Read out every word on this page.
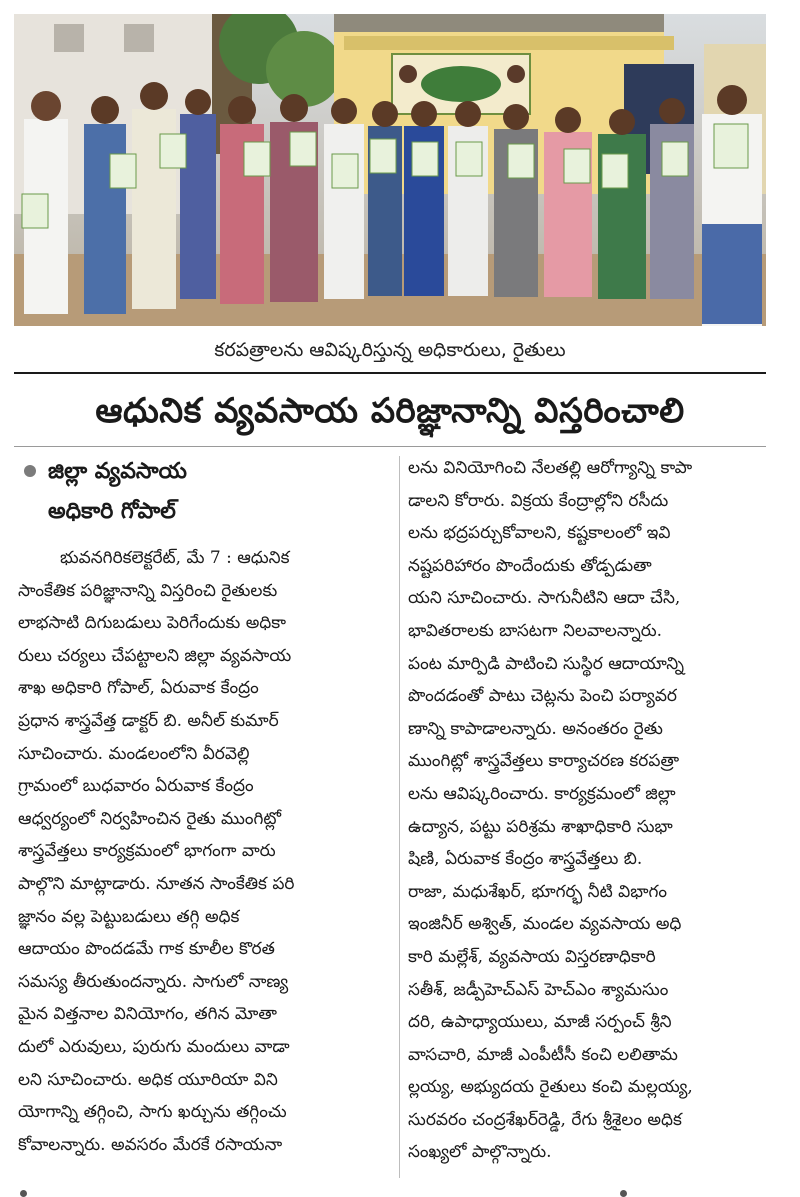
కరపత్రాలను ఆవిష్కరిస్తున్న అధికారులు, రైతులు
ఆధునిక వ్యవసాయ పరిజ్ఞానాన్ని విస్తరించాలి
జిల్లా వ్యవసాయ
అధికారి గోపాల్
భువనగిరికలెక్టరేట్, మే 7 : ఆధునిక
సాంకేతిక పరిజ్ఞానాన్ని విస్తరించి రైతులకు
లాభసాటి దిగుబడులు పెరిగేందుకు అధికా
రులు చర్యలు చేపట్టాలని జిల్లా వ్యవసాయ
శాఖ అధికారి గోపాల్, ఏరువాక కేంద్రం
ప్రధాన శాస్త్రవేత్త డాక్టర్ బి. అనీల్ కుమార్
సూచించారు. మండలంలోని వీరవెల్లి
గ్రామంలో బుధవారం ఏరువాక కేంద్రం
ఆధ్వర్యంలో నిర్వహించిన రైతు ముంగిట్లో
శాస్త్రవేత్తలు కార్యక్రమంలో భాగంగా వారు
పాల్గొని మాట్లాడారు. నూతన సాంకేతిక పరి
జ్ఞానం వల్ల పెట్టుబడులు తగ్గి అధిక
ఆదాయం పొందడమే గాక కూలీల కొరత
సమస్య తీరుతుందన్నారు. సాగులో నాణ్య
మైన విత్తనాల వినియోగం, తగిన మోతా
దులో ఎరువులు, పురుగు మందులు వాడా
లని సూచించారు. అధిక యూరియా విని
యోగాన్ని తగ్గించి, సాగు ఖర్చును తగ్గించు
కోవాలన్నారు. అవసరం మేరకే రసాయనా
లను వినియోగించి నేలతల్లి ఆరోగ్యాన్ని కాపా
డాలని కోరారు. విక్రయ కేంద్రాల్లోని రసీదు
లను భద్రపర్చుకోవాలని, కష్టకాలంలో ఇవి
నష్టపరిహారం పొందేందుకు తోడ్పడుతా
యని సూచించారు. సాగునీటిని ఆదా చేసి,
భావితరాలకు బాసటగా నిలవాలన్నారు.
పంట మార్పిడి పాటించి సుస్థిర ఆదాయాన్ని
పొందడంతో పాటు చెట్లను పెంచి పర్యావర
ణాన్ని కాపాడాలన్నారు. అనంతరం రైతు
ముంగిట్లో శాస్త్రవేత్తలు కార్యాచరణ కరపత్రా
లను ఆవిష్కరించారు. కార్యక్రమంలో జిల్లా
ఉద్యాన, పట్టు పరిశ్రమ శాఖాధికారి సుభా
షిణి, ఏరువాక కేంద్రం శాస్త్రవేత్తలు బి.
రాజా, మధుశేఖర్, భూగర్భ నీటి విభాగం
ఇంజినీర్ అశ్విత్, మండల వ్యవసాయ అధి
కారి మల్లేశ్, వ్యవసాయ విస్తరణాధికారి
సతీశ్, జడ్పీహెచ్ఎస్ హెచ్ఎం శ్యామసుం
దరి, ఉపాధ్యాయులు, మాజీ సర్పంచ్ శ్రీని
వాసచారి, మాజీ ఎంపీటీసీ కంచి లలితామ
ల్లయ్య, అభ్యుదయ రైతులు కంచి మల్లయ్య,
సురవరం చంద్రశేఖర్‌రెడ్డి, రేగు శ్రీశైలం అధిక
సంఖ్యలో పాల్గొన్నారు.
